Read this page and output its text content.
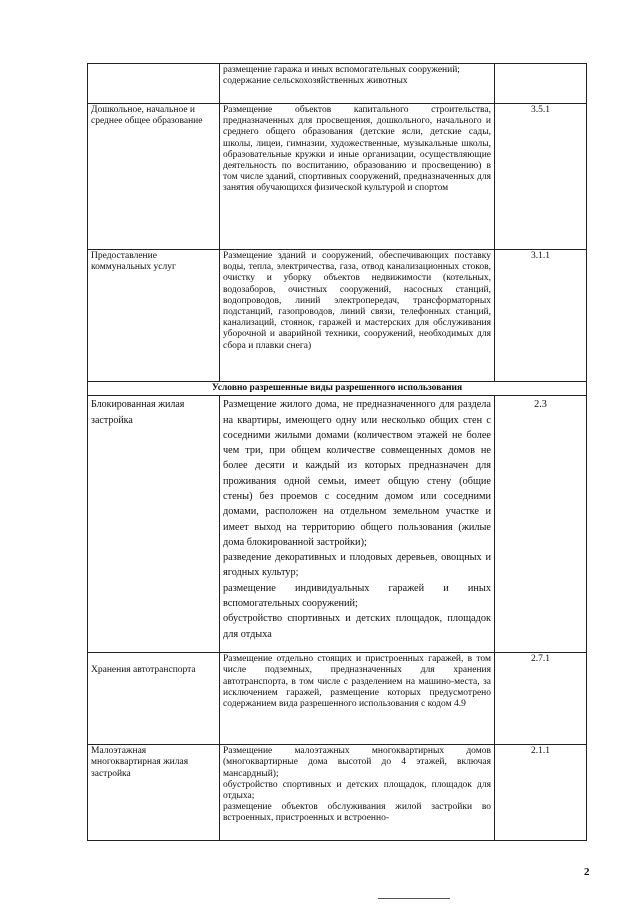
	размещение гаража и иных вспомогательных сооружений;
содержание сельскохозяйственных животных	

Дошкольное, начальное и среднее общее образование	Размещение объектов капитального строительства, предназначенных для просвещения, дошкольного, начального и среднего общего образования (детские ясли, детские сады, школы, лицеи, гимназии, художественные, музыкальные школы, образовательные кружки и иные организации, осуществляющие деятельность по воспитанию, образованию и просвещению) в том числе зданий, спортивных сооружений, предназначенных для занятия обучающихся физической культурой и спортом	3.5.1
Предоставление коммунальных услуг	Размещение зданий и сооружений, обеспечивающих поставку воды, тепла, электричества, газа, отвод канализационных стоков, очистку и уборку объектов недвижимости (котельных, водозаборов, очистных сооружений, насосных станций, водопроводов, линий электропередач, трансформаторных подстанций, газопроводов, линий связи, телефонных станций, канализаций, стоянок, гаражей и мастерских для обслуживания уборочной и аварийной техники, сооружений, необходимых для сбора и плавки снега)	3.1.1
Условно разрешенные виды разрешенного использования		
Блокированная жилая застройка	Размещение жилого дома, не предназначенного для раздела на квартиры, имеющего одну или несколько общих стен с соседними жилыми домами (количеством этажей не более чем три, при общем количестве совмещенных домов не более десяти и каждый из которых предназначен для проживания одной семьи, имеет общую стену (общие стены) без проемов с соседним домом или соседними домами, расположен на отдельном земельном участке и имеет выход на территорию общего пользования (жилые дома блокированной застройки);
разведение декоративных и плодовых деревьев, овощных и ягодных культур;
размещение индивидуальных гаражей и иных вспомогательных сооружений;
обустройство спортивных и детских площадок, площадок для отдыха	2.3
Хранения автотранспорта	Размещение отдельно стоящих и пристроенных гаражей, в том числе подземных, предназначенных для хранения автотранспорта, в том числе с разделением на машино-места, за исключением гаражей, размещение которых предусмотрено содержанием вида разрешенного использования с кодом 4.9	2.7.1
Малоэтажная многоквартирная жилая застройка	Размещение малоэтажных многоквартирных домов (многоквартирные дома высотой до 4 этажей, включая мансардный);
обустройство спортивных и детских площадок, площадок для отдыха;
размещение объектов обслуживания жилой застройки во встроенных, пристроенных и встроенно-	2.1.1
2
